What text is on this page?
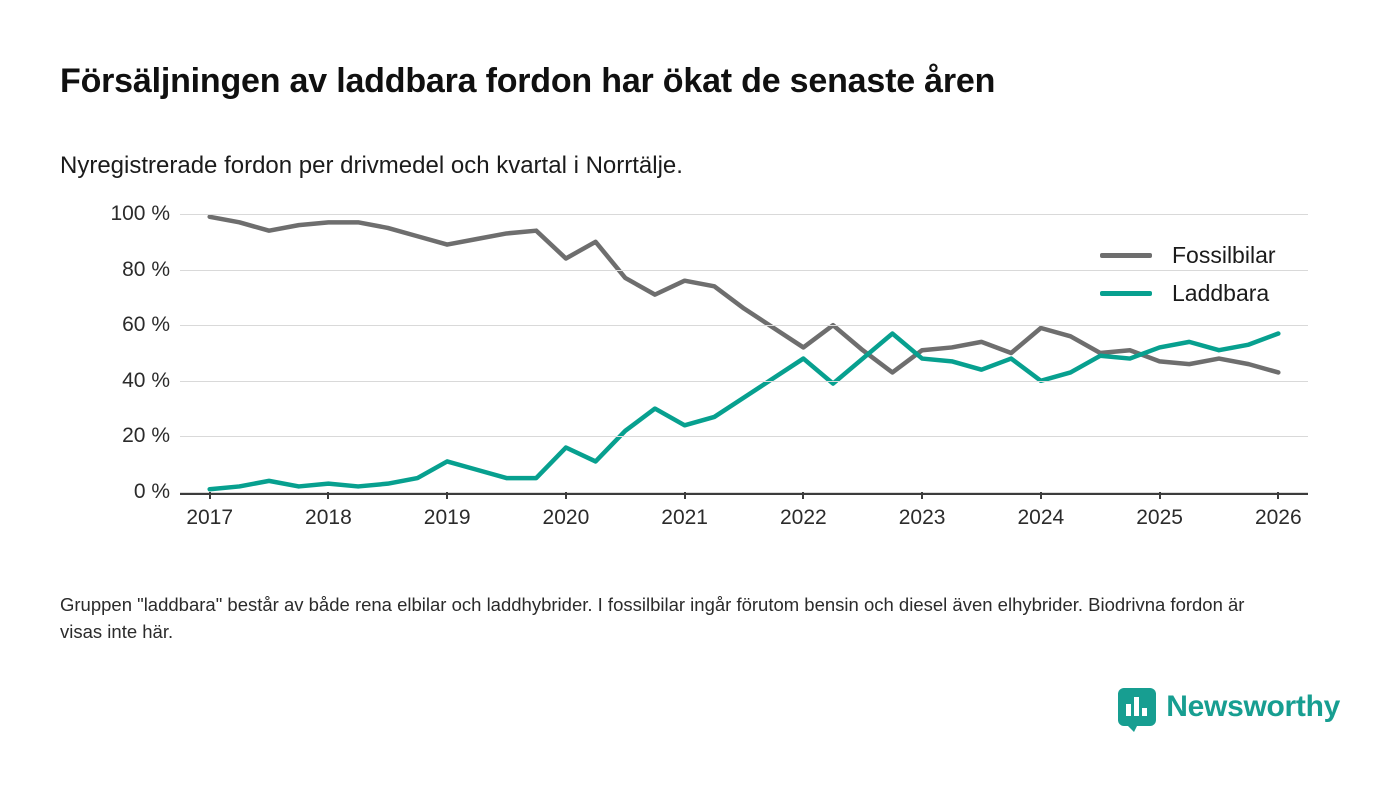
Försäljningen av laddbara fordon har ökat de senaste åren
Nyregistrerade fordon per drivmedel och kvartal i Norrtälje.
0 %
20 %
40 %
60 %
80 %
100 %
2017	2018	2019	2020	2021	2022	2023	2024	2025	2026
Fossilbilar
Laddbara
Gruppen "laddbara" består av både rena elbilar och laddhybrider. I fossilbilar ingår förutom bensin och diesel även elhybrider. Biodrivna fordon är visas inte här.
Newsworthy
